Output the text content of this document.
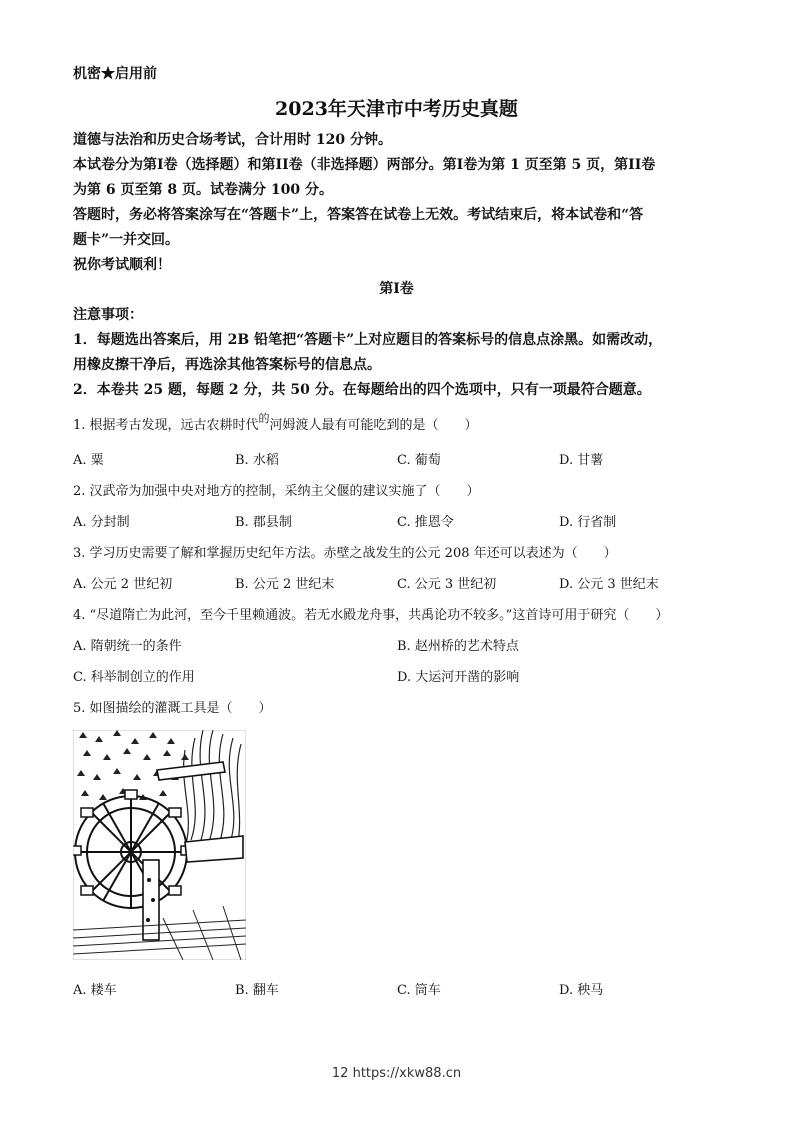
机密★启用前
2023年天津市中考历史真题
道德与法治和历史合场考试，合计用时 120 分钟。
本试卷分为第I卷（选择题）和第II卷（非选择题）两部分。第I卷为第 1 页至第 5 页，第II卷
为第 6 页至第 8 页。试卷满分 100 分。
答题时，务必将答案涂写在“答题卡”上，答案答在试卷上无效。考试结束后，将本试卷和“答
题卡”一并交回。
祝你考试顺利！
第I卷
注意事项：
1．每题选出答案后，用 2B 铅笔把“答题卡”上对应题目的答案标号的信息点涂黑。如需改动，
用橡皮擦干净后，再选涂其他答案标号的信息点。
2．本卷共 25 题，每题 2 分，共 50 分。在每题给出的四个选项中，只有一项最符合题意。
1. 根据考古发现，远古农耕时代$^的$河姆渡人最有可能吃到的是（　　）
A. 粟	B. 水稻	C. 葡萄	D. 甘薯
2. 汉武帝为加强中央对地方的控制，采纳主父偃的建议实施了（　　）
A. 分封制	B. 郡县制	C. 推恩令	D. 行省制
3. 学习历史需要了解和掌握历史纪年方法。赤壁之战发生的公元 208 年还可以表述为（　　）
A. 公元 2 世纪初	B. 公元 2 世纪末	C. 公元 3 世纪初	D. 公元 3 世纪末
4. “尽道隋亡为此河，至今千里赖通波。若无水殿龙舟事，共禹论功不较多。”这首诗可用于研究（　　）
A. 隋朝统一的条件	B. 赵州桥的艺术特点
C. 科举制创立的作用	D. 大运河开凿的影响
5. 如图描绘的灌溉工具是（　　）
A. 耧车	B. 翻车	C. 筒车	D. 秧马
12 https://xkw88.cn
